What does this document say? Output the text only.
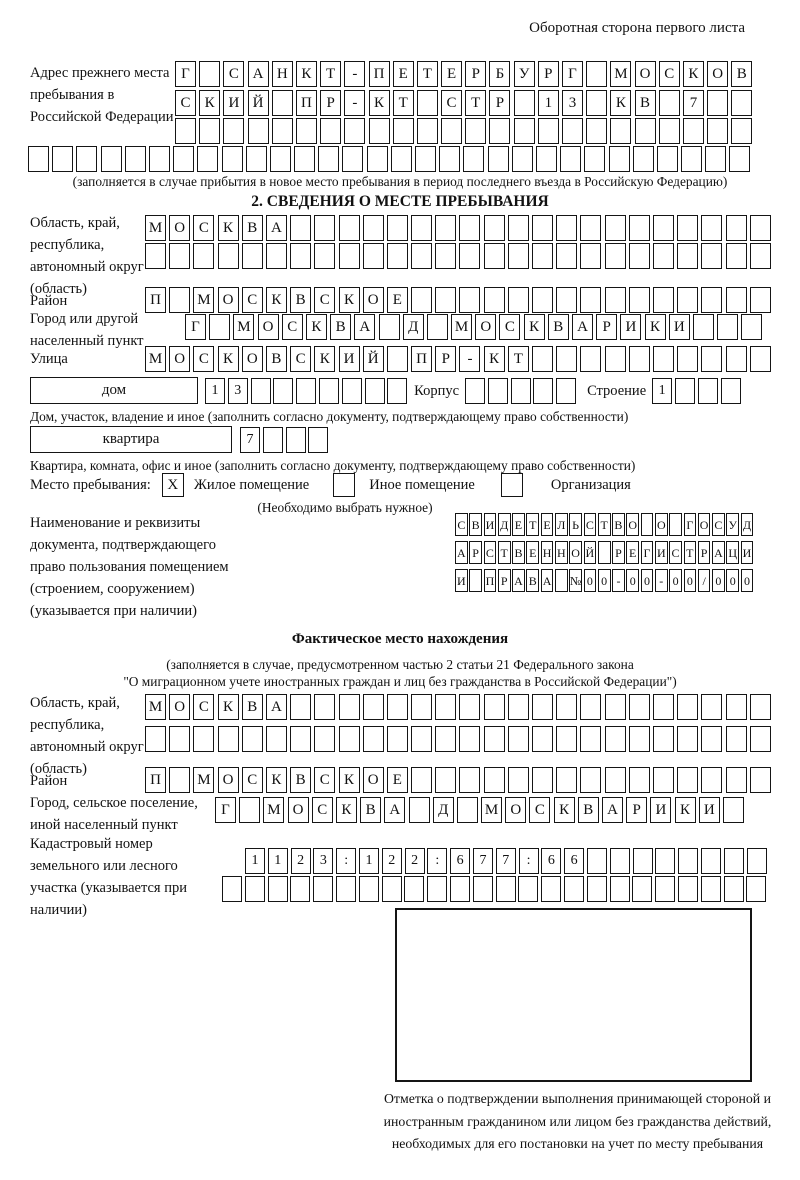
Оборотная сторона первого листа
Адрес прежнего места пребывания в Российской Федерации
Г	С А Н К Т	-	П Е	Т	Е	Р	Б У Р	Г	М О С К О В
С К И Й	П Р	-	К Т	С Т	Р	1	3	К В	7
(заполняется в случае прибытия в новое место пребывания в период последнего въезда в Российскую Федерацию)
2. СВЕДЕНИЯ О МЕСТЕ ПРЕБЫВАНИЯ
Область, край, республика, автономный округ (область)
М О С К В А
Район	П	М О С К В С К О Е
Город или другой населенный пункт
Г	М О С К В А	Д	М О С К В А Р И К И
Улица	М О С К О В С К И Й	П Р	-	К Т
дом	1	3	Корпус	Строение 1
Дом, участок, владение и иное (заполнить согласно документу, подтверждающему право собственности)
квартира	7
Квартира, комната, офис и иное (заполнить согласно документу, подтверждающему право собственности)
Место пребывания:	X	Жилое помещение	Иное помещение	Организация
(Необходимо выбрать нужное)
Наименование и реквизиты документа, подтверждающего право пользования помещением (строением, сооружением) (указывается при наличии)
С В И Д Е Т Е Л Ь С Т В О О Г О С У Д
А Р С Т В Е Н Н О Й Р Е Г И С Т Р А Ц И
И П Р А В А № 0 0 - 0 0 - 0 0 / 0 0 0
Фактическое место нахождения
(заполняется в случае, предусмотренном частью 2 статьи 21 Федерального закона
"О миграционном учете иностранных граждан и лиц без гражданства в Российской Федерации")
Область, край, республика, автономный округ (область)
М О С К В А
Район	П	М О С К В С К О Е
Город, сельское поселение, иной населенный пункт
Г	М О С К В А	Д	М О С К В А Р И К И
Кадастровый номер земельного или лесного участка (указывается при наличии)
1	1	2	3	:	1	2	2	:	6	7	7	:	6	6
Отметка о подтверждении выполнения принимающей стороной и иностранным гражданином или лицом без гражданства действий, необходимых для его постановки на учет по месту пребывания
